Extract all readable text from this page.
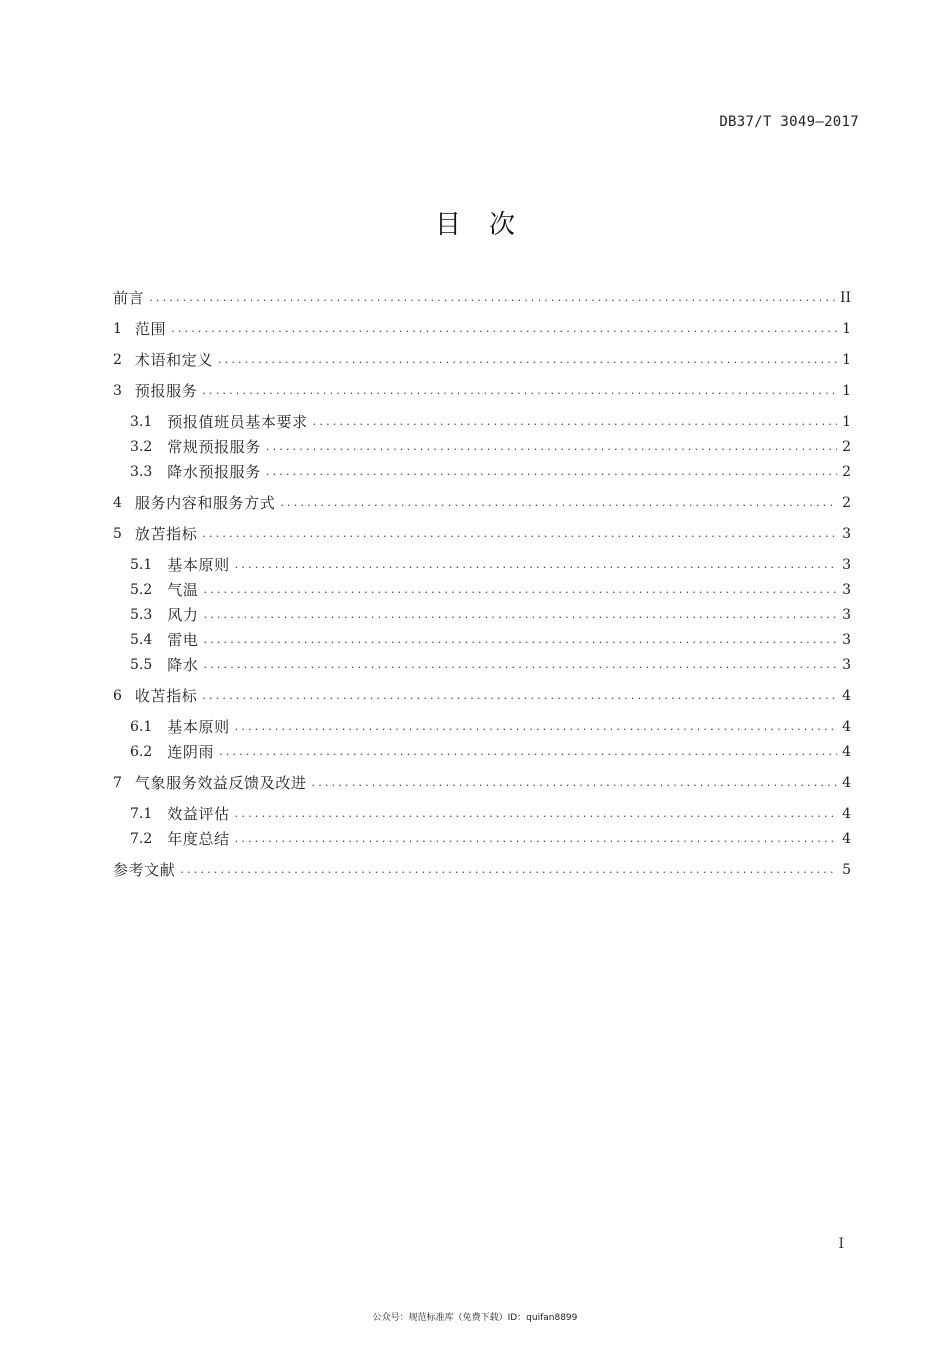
DB37/T 3049—2017
目次
前言 .....	II
1 范围 .....	1
2 术语和定义 .....	1
3 预报服务 .....	1
3.1 预报值班员基本要求 .....	1
3.2 常规预报服务 .....	2
3.3 降水预报服务 .....	2
4 服务内容和服务方式 .....	2
5 放苫指标 .....	3
5.1 基本原则 .....	3
5.2 气温 .....	3
5.3 风力 .....	3
5.4 雷电 .....	3
5.5 降水 .....	3
6 收苫指标 .....	4
6.1 基本原则 .....	4
6.2 连阴雨 .....	4
7 气象服务效益反馈及改进 .....	4
7.1 效益评估 .....	4
7.2 年度总结 .....	4
参考文献 .....	5
I
公众号：规范标准库（免费下载）ID：quifan8899
